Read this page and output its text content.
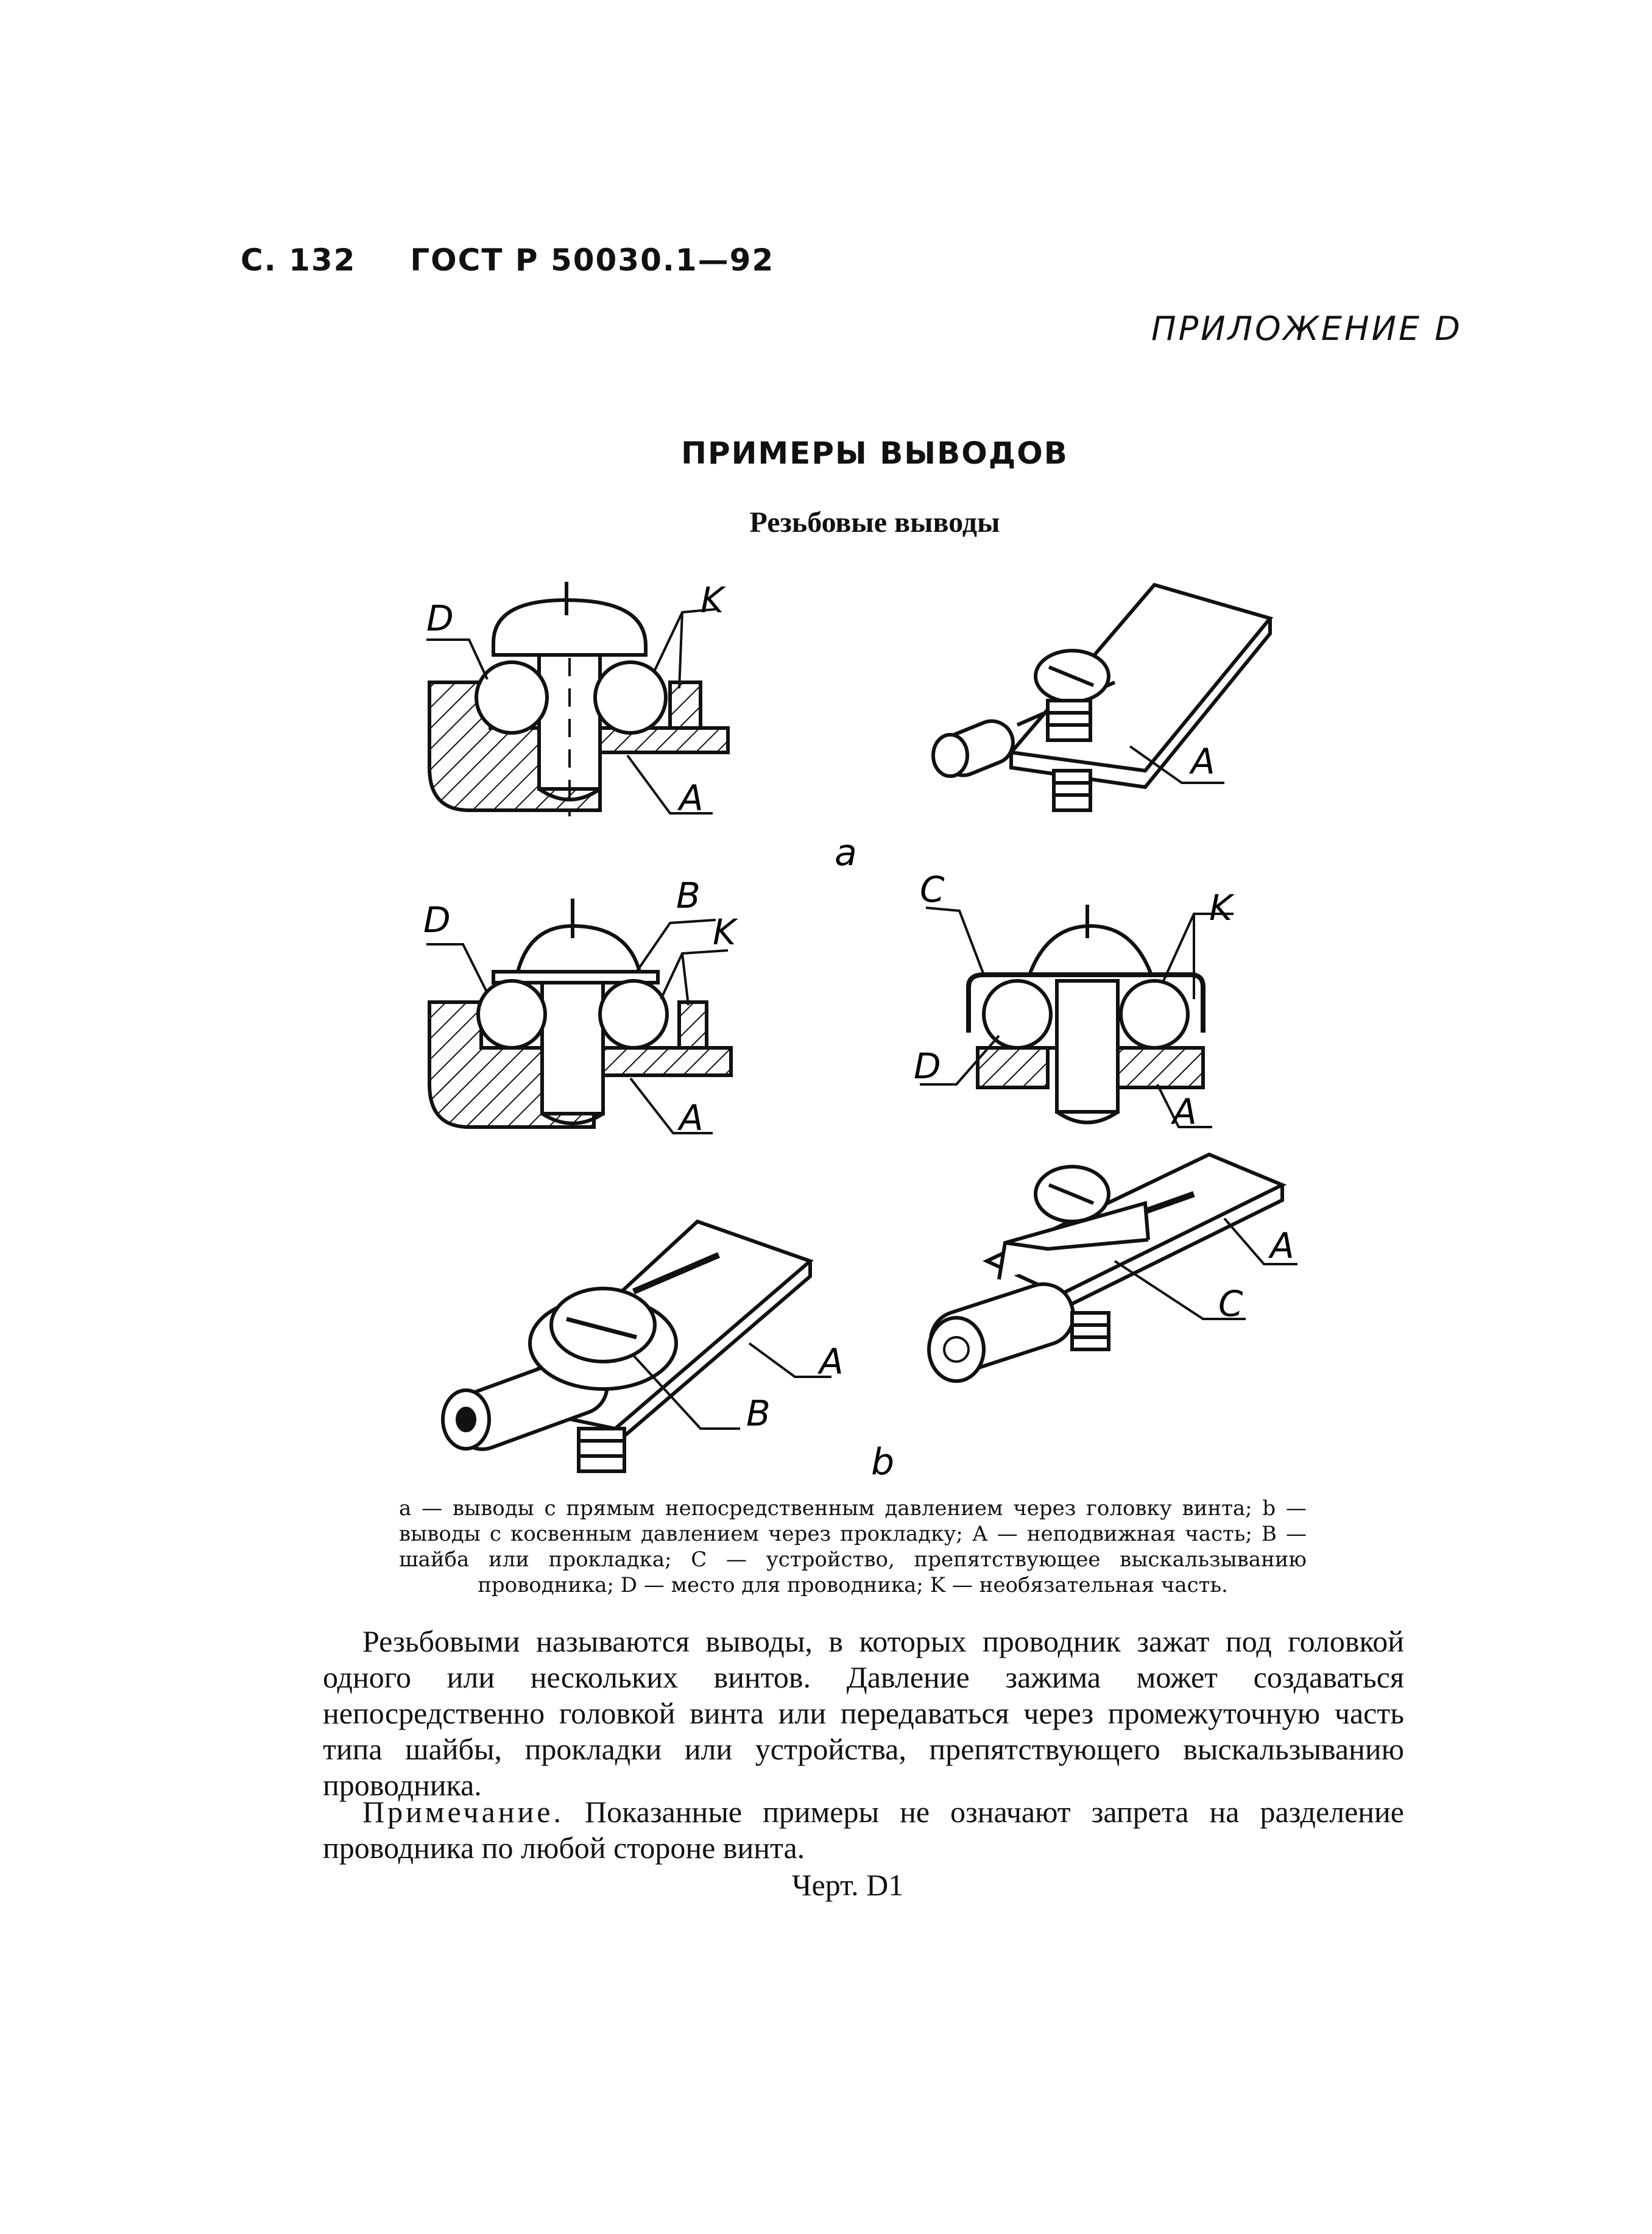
С. 132 ГОСТ Р 50030.1—92
ПРИЛОЖЕНИЕ D
ПРИМЕРЫ ВЫВОДОВ
Резьбовые выводы
D	K
A
A
a
D
B
K
A
C	K
D
A
B
A
C
A
b
a — выводы с прямым непосредственным давлением через головку винта; b — выводы с косвенным давлением через прокладку; А — неподвижная часть; B — шайба или прокладка; C — устройство, препятствующее выскальзыванию проводника; D — место для проводника; K — необязательная часть.
Резьбовыми называются выводы, в которых проводник зажат под головкой одного или нескольких винтов. Давление зажима может создаваться непосредственно головкой винта или передаваться через промежуточную часть типа шайбы, прокладки или устройства, препятствующего выскальзыванию проводника.
Примечание. Показанные примеры не означают запрета на разделение проводника по любой стороне винта.
Черт. D1
